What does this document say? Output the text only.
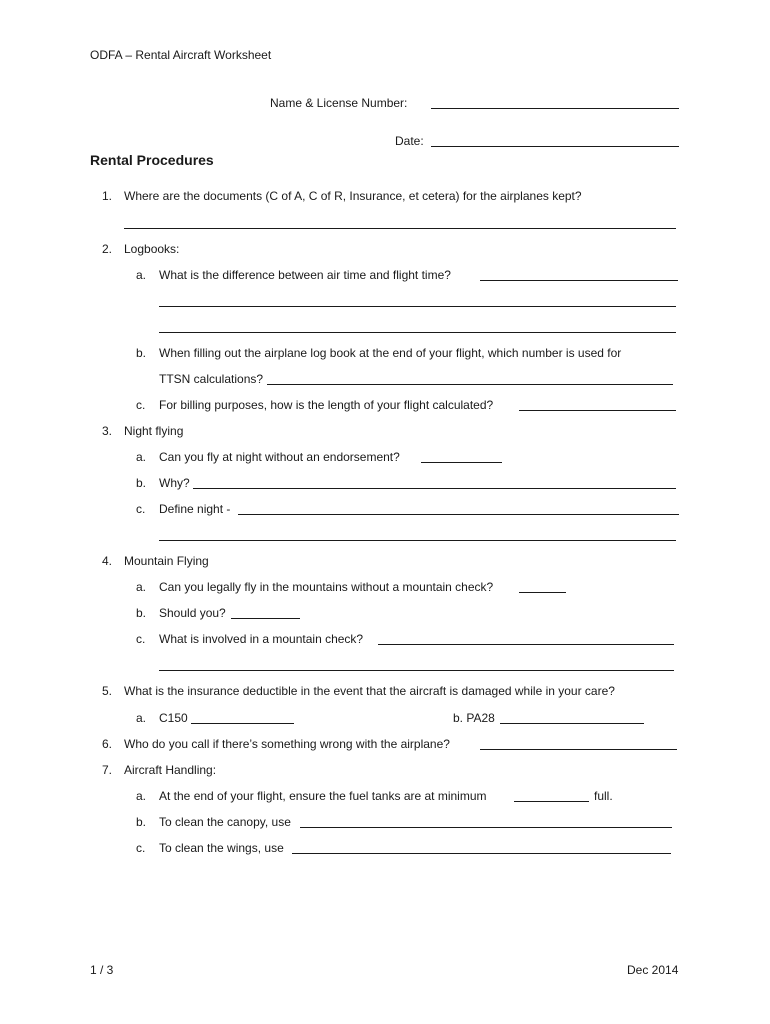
ODFA – Rental Aircraft Worksheet
Name & License Number:
Date:
Rental Procedures
1. Where are the documents (C of A, C of R, Insurance, et cetera) for the airplanes kept?
2. Logbooks:
a. What is the difference between air time and flight time?
b. When filling out the airplane log book at the end of your flight, which number is used for
TTSN calculations?
c. For billing purposes, how is the length of your flight calculated?
3. Night flying
a. Can you fly at night without an endorsement?
b. Why?
c. Define night -
4. Mountain Flying
a. Can you legally fly in the mountains without a mountain check?
b. Should you?
c. What is involved in a mountain check?
5. What is the insurance deductible in the event that the aircraft is damaged while in your care?
a. C150	b. PA28
6. Who do you call if there’s something wrong with the airplane?
7. Aircraft Handling:
a. At the end of your flight, ensure the fuel tanks are at minimum	full.
b. To clean the canopy, use
c. To clean the wings, use
1 / 3	Dec 2014
